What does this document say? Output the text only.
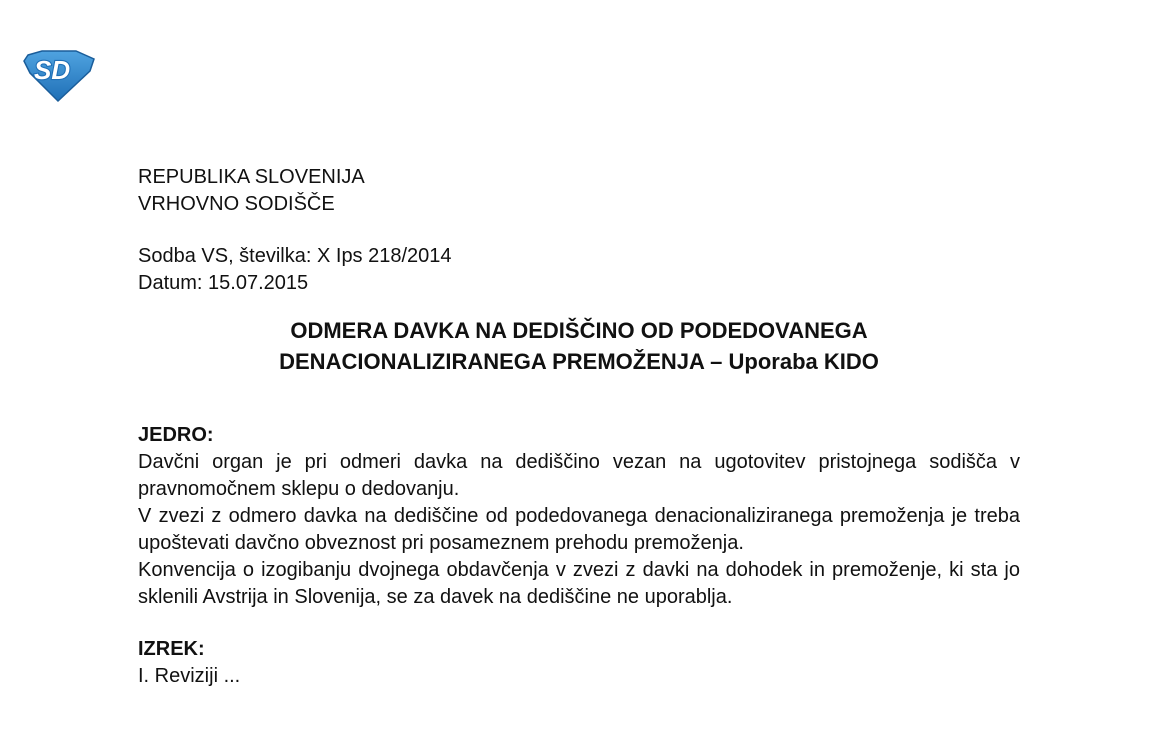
SD
REPUBLIKA SLOVENIJA
VRHOVNO SODIŠČE
Sodba VS, številka: X Ips 218/2014
Datum: 15.07.2015
ODMERA DAVKA NA DEDIŠČINO OD PODEDOVANEGA
DENACIONALIZIRANEGA PREMOŽENJA – Uporaba KIDO
JEDRO:

Davčni organ je pri odmeri davka na dediščino vezan na ugotovitev pristojnega sodišča v pravnomočnem sklepu o dedovanju.

V zvezi z odmero davka na dediščine od podedovanega denacionaliziranega premoženja je treba upoštevati davčno obveznost pri posameznem prehodu premoženja.

Konvencija o izogibanju dvojnega obdavčenja v zvezi z davki na dohodek in premoženje, ki sta jo sklenili Avstrija in Slovenija, se za davek na dediščine ne uporablja.

IZREK:
I. Reviziji ...
